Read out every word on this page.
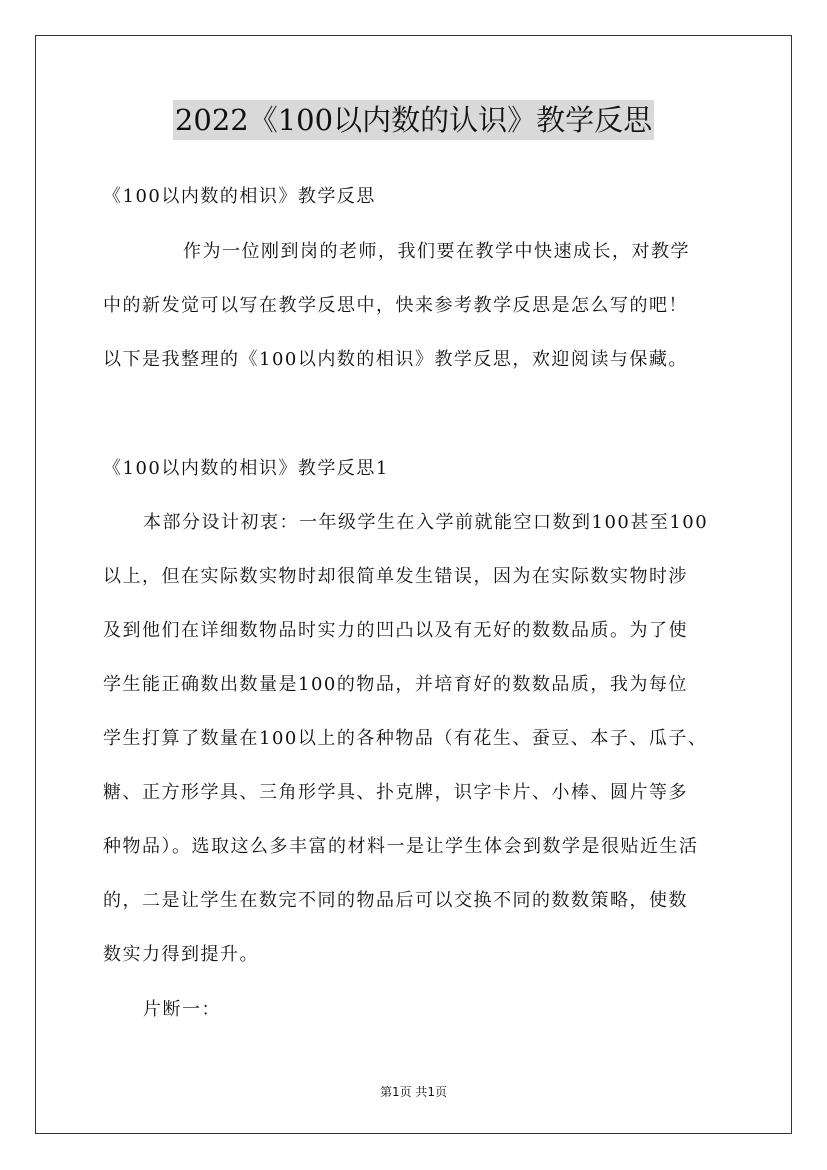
2022《100以内数的认识》教学反思
《100以内数的相识》教学反思
作为一位刚到岗的老师，我们要在教学中快速成长，对教学
中的新发觉可以写在教学反思中，快来参考教学反思是怎么写的吧！
以下是我整理的《100以内数的相识》教学反思，欢迎阅读与保藏。
《100以内数的相识》教学反思1
本部分设计初衷：一年级学生在入学前就能空口数到100甚至100
以上，但在实际数实物时却很简单发生错误，因为在实际数实物时涉
及到他们在详细数物品时实力的凹凸以及有无好的数数品质。为了使
学生能正确数出数量是100的物品，并培育好的数数品质，我为每位
学生打算了数量在100以上的各种物品（有花生、蚕豆、本子、瓜子、
糖、正方形学具、三角形学具、扑克牌，识字卡片、小棒、圆片等多
种物品）。选取这么多丰富的材料一是让学生体会到数学是很贴近生活
的，二是让学生在数完不同的物品后可以交换不同的数数策略，使数
数实力得到提升。
片断一：
第1页 共1页
